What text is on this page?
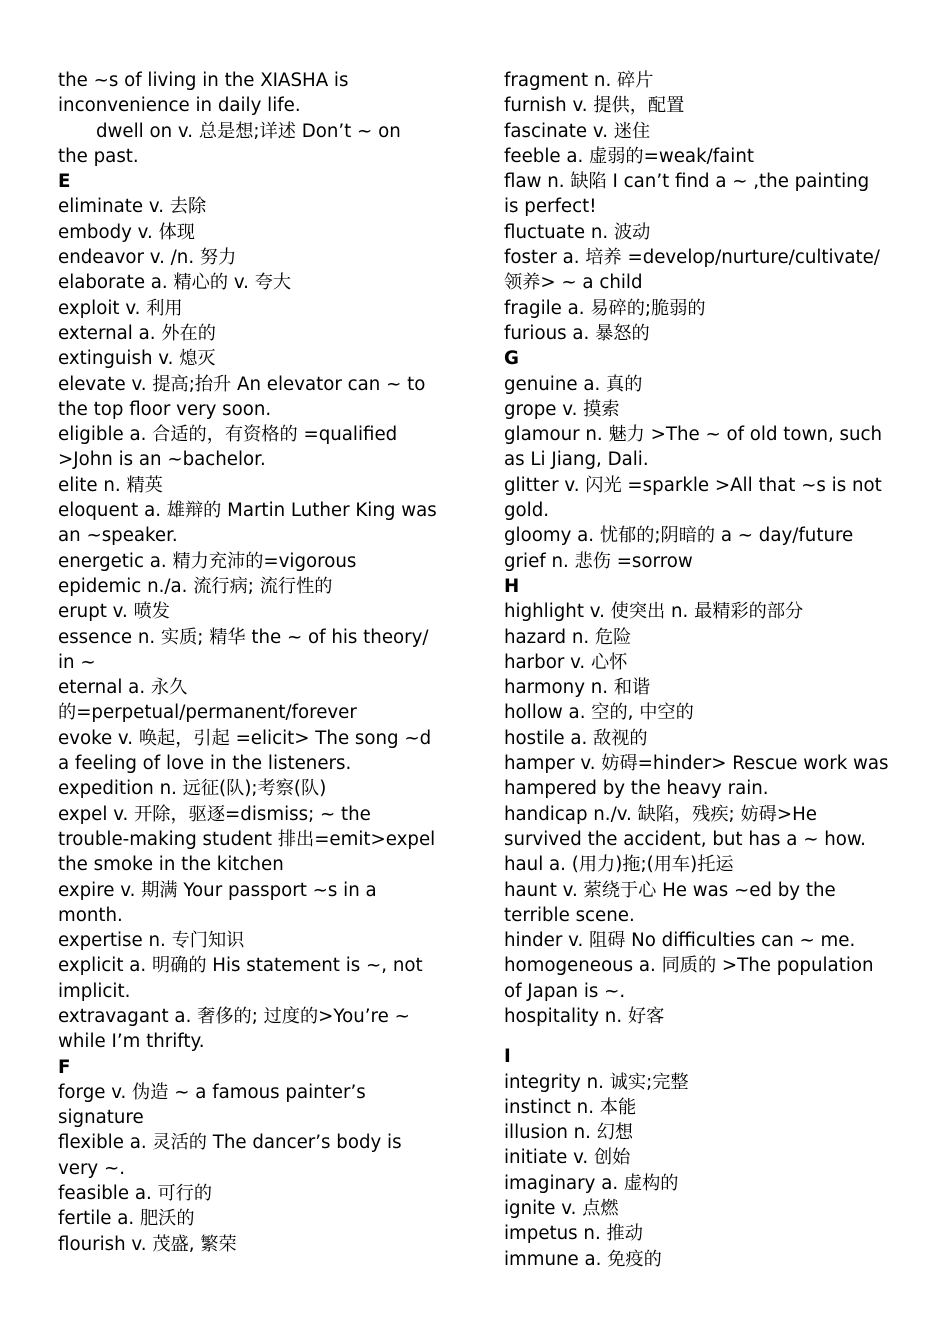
the ~s of living in the XIASHA is
inconvenience in daily life.
dwell on v. 总是想;详述 Don’t ~ on
the past.
E
eliminate v. 去除
embody v. 体现
endeavor v. /n. 努力
elaborate a. 精心的 v. 夸大
exploit v. 利用
external a. 外在的
extinguish v. 熄灭
elevate v. 提高;抬升 An elevator can ~ to
the top floor very soon.
eligible a. 合适的，有资格的 =qualified
>John is an ~bachelor.
elite n. 精英
eloquent a. 雄辩的 Martin Luther King was
an ~speaker.
energetic a. 精力充沛的=vigorous
epidemic n./a. 流行病; 流行性的
erupt v. 喷发
essence n. 实质; 精华 the ~ of his theory/
in ~
eternal a. 永久
的=perpetual/permanent/forever
evoke v. 唤起，引起 =elicit> The song ~d
a feeling of love in the listeners.
expedition n. 远征(队);考察(队)
expel v. 开除，驱逐=dismiss; ~ the
trouble-making student 排出=emit>expel
the smoke in the kitchen
expire v. 期满 Your passport ~s in a
month.
expertise n. 专门知识
explicit a. 明确的 His statement is ~, not
implicit.
extravagant a. 奢侈的; 过度的>You’re ~
while I’m thrifty.
F
forge v. 伪造 ~ a famous painter’s
signature
flexible a. 灵活的 The dancer’s body is
very ~.
feasible a. 可行的
fertile a. 肥沃的
flourish v. 茂盛, 繁荣
fragment n. 碎片
furnish v. 提供，配置
fascinate v. 迷住
feeble a. 虚弱的=weak/faint
flaw n. 缺陷 I can’t find a ~ ,the painting
is perfect!
fluctuate n. 波动
foster a. 培养 =develop/nurture/cultivate/
领养> ~ a child
fragile a. 易碎的;脆弱的
furious a. 暴怒的
G
genuine a. 真的
grope v. 摸索
glamour n. 魅力 >The ~ of old town, such
as Li Jiang, Dali.
glitter v. 闪光 =sparkle >All that ~s is not
gold.
gloomy a. 忧郁的;阴暗的 a ~ day/future
grief n. 悲伤 =sorrow
H
highlight v. 使突出 n. 最精彩的部分
hazard n. 危险
harbor v. 心怀
harmony n. 和谐
hollow a. 空的, 中空的
hostile a. 敌视的
hamper v. 妨碍=hinder> Rescue work was
hampered by the heavy rain.
handicap n./v. 缺陷，残疾; 妨碍>He
survived the accident, but has a ~ how.
haul a. (用力)拖;(用车)托运
haunt v. 萦绕于心 He was ~ed by the
terrible scene.
hinder v. 阻碍 No difficulties can ~ me.
homogeneous a. 同质的 >The population
of Japan is ~.
hospitality n. 好客
I
integrity n. 诚实;完整
instinct n. 本能
illusion n. 幻想
initiate v. 创始
imaginary a. 虚构的
ignite v. 点燃
impetus n. 推动
immune a. 免疫的
